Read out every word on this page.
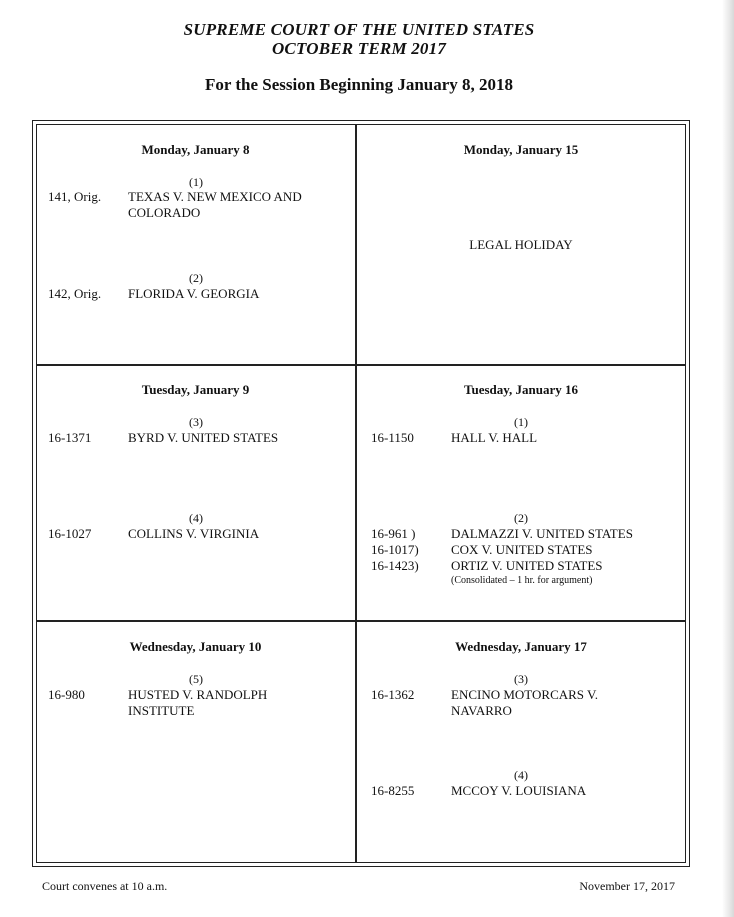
SUPREME COURT OF THE UNITED STATES
OCTOBER TERM 2017
For the Session Beginning January 8, 2018
Monday, January 8
(1)
141, Orig. TEXAS V. NEW MEXICO AND
COLORADO
(2)
142, Orig. FLORIDA V. GEORGIA
Monday, January 15
LEGAL HOLIDAY
Tuesday, January 9
(3)
16-1371	BYRD V. UNITED STATES
(4)
16-1027	COLLINS V. VIRGINIA
Tuesday, January 16
(1)
16-1150	HALL V. HALL
(2)
16-961 )	DALMAZZI V. UNITED STATES
16-1017) COX V. UNITED STATES
16-1423) ORTIZ V. UNITED STATES
(Consolidated – 1 hr. for argument)
Wednesday, January 10
(5)
16-980	HUSTED V. RANDOLPH
INSTITUTE
Wednesday, January 17
(3)
16-1362	ENCINO MOTORCARS V.
NAVARRO
(4)
16-8255	MCCOY V. LOUISIANA
Court convenes at 10 a.m.	November 17, 2017
